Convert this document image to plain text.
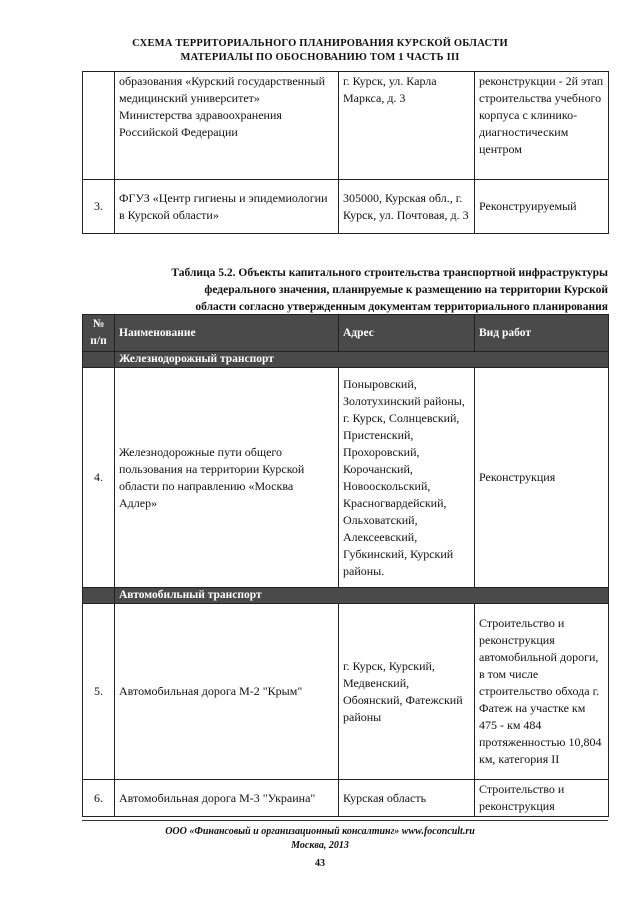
СХЕМА ТЕРРИТОРИАЛЬНОГО ПЛАНИРОВАНИЯ КУРСКОЙ ОБЛАСТИ
МАТЕРИАЛЫ ПО ОБОСНОВАНИЮ ТОМ 1 ЧАСТЬ III
	образования «Курский государственный медицинский университет» Министерства здравоохранения Российской Федерации	г. Курск, ул. Карла Маркса, д. 3	реконструкции - 2й этап строительства учебного корпуса с клинико-диагностическим центром
3.	ФГУЗ «Центр гигиены и эпидемиологии в Курской области»	305000, Курская обл., г. Курск, ул. Почтовая, д. 3	Реконструируемый
Таблица 5.2. Объекты капитального строительства транспортной инфраструктуры
федерального значения, планируемые к размещению на территории Курской
области согласно утвержденным документам территориального планирования
№ п/п	Наименование	Адрес	Вид работ
	Железнодорожный транспорт		
4.	Железнодорожные пути общего пользования на территории Курской области по направлению «Москва Адлер»	Поныровский, Золотухинский районы, г. Курск, Солнцевский, Пристенский, Прохоровский, Корочанский, Новооскольский, Красногвардейский, Ольховатский, Алексеевский, Губкинский, Курский районы.	Реконструкция
	Автомобильный транспорт		
5.	Автомобильная дорога М-2 "Крым"	г. Курск, Курский, Медвенский, Обоянский, Фатежский районы	Строительство и реконструкция автомобильной дороги, в том числе строительство обхода г. Фатеж на участке км 475 - км 484 протяженностью 10,804 км, категория II
6.	Автомобильная дорога М-3 "Украина"	Курская область	Строительство и реконструкция
ООО «Финансовый и организационный консалтинг» www.foconcult.ru
Москва, 2013
43
